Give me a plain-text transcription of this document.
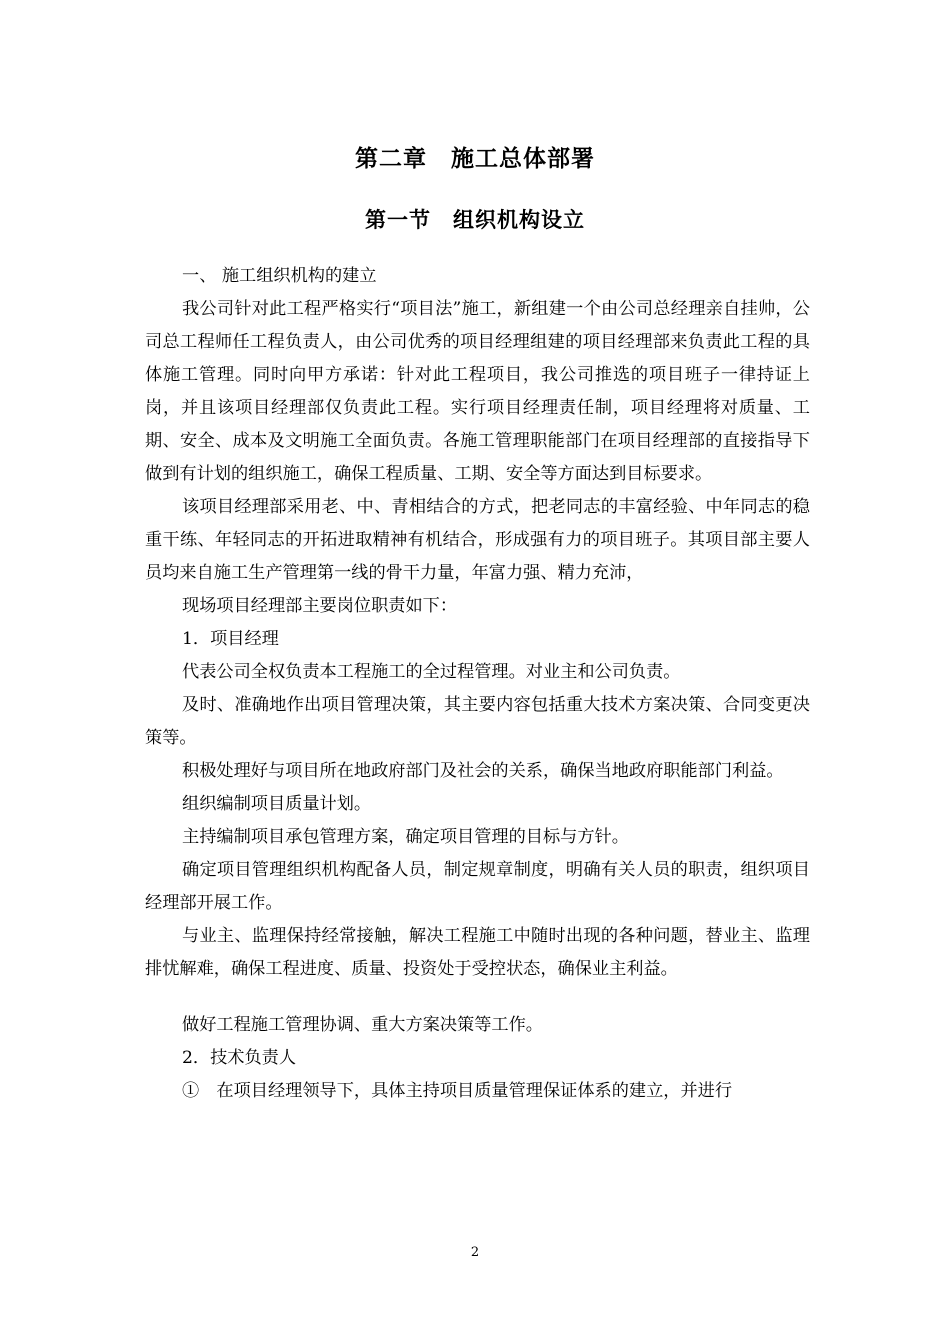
第二章　施工总体部署
第一节　组织机构设立

一、 施工组织机构的建立

我公司针对此工程严格实行“项目法”施工，新组建一个由公司总经理亲自挂帅，公司总工程师任工程负责人，由公司优秀的项目经理组建的项目经理部来负责此工程的具体施工管理。同时向甲方承诺：针对此工程项目，我公司推选的项目班子一律持证上岗，并且该项目经理部仅负责此工程。实行项目经理责任制，项目经理将对质量、工期、安全、成本及文明施工全面负责。各施工管理职能部门在项目经理部的直接指导下做到有计划的组织施工，确保工程质量、工期、安全等方面达到目标要求。

该项目经理部采用老、中、青相结合的方式，把老同志的丰富经验、中年同志的稳重干练、年轻同志的开拓进取精神有机结合，形成强有力的项目班子。其项目部主要人员均来自施工生产管理第一线的骨干力量，年富力强、精力充沛，

现场项目经理部主要岗位职责如下：

1．项目经理

代表公司全权负责本工程施工的全过程管理。对业主和公司负责。

及时、准确地作出项目管理决策，其主要内容包括重大技术方案决策、合同变更决策等。

积极处理好与项目所在地政府部门及社会的关系，确保当地政府职能部门利益。

组织编制项目质量计划。

主持编制项目承包管理方案，确定项目管理的目标与方针。

确定项目管理组织机构配备人员，制定规章制度，明确有关人员的职责，组织项目经理部开展工作。

与业主、监理保持经常接触，解决工程施工中随时出现的各种问题，替业主、监理排忧解难，确保工程进度、质量、投资处于受控状态，确保业主利益。

做好工程施工管理协调、重大方案决策等工作。

2．技术负责人

①　在项目经理领导下，具体主持项目质量管理保证体系的建立，并进行

2
